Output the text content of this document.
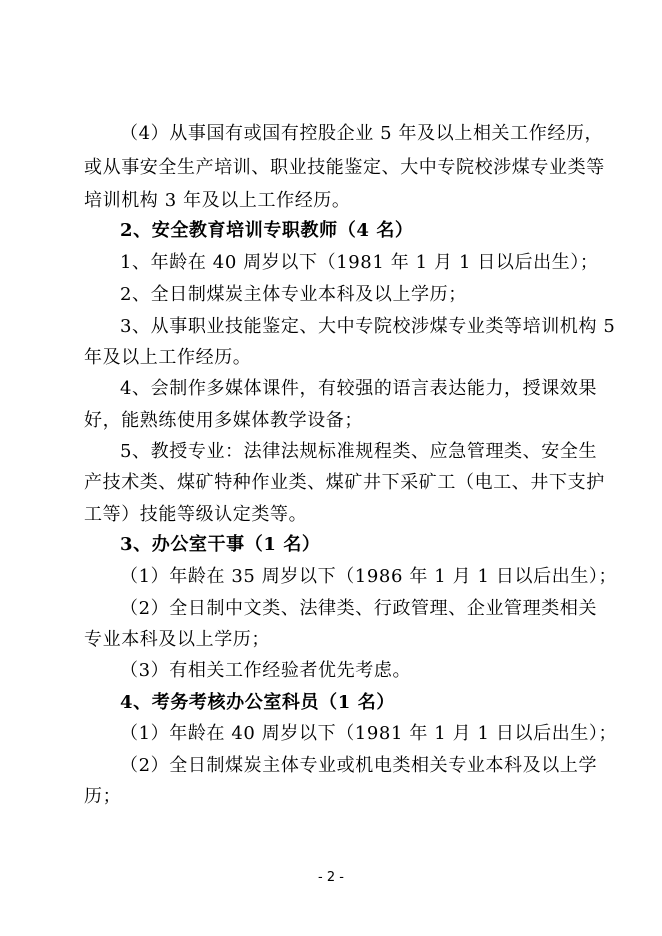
（4）从事国有或国有控股企业 5 年及以上相关工作经历，
或从事安全生产培训、职业技能鉴定、大中专院校涉煤专业类等
培训机构 3 年及以上工作经历。
2、安全教育培训专职教师（4 名）
1、年龄在 40 周岁以下（1981 年 1 月 1 日以后出生）；
2、全日制煤炭主体专业本科及以上学历；
3、从事职业技能鉴定、大中专院校涉煤专业类等培训机构 5
年及以上工作经历。
4、会制作多媒体课件，有较强的语言表达能力，授课效果
好，能熟练使用多媒体教学设备；
5、教授专业：法律法规标准规程类、应急管理类、安全生
产技术类、煤矿特种作业类、煤矿井下采矿工（电工、井下支护
工等）技能等级认定类等。
3、办公室干事（1 名）
（1）年龄在 35 周岁以下（1986 年 1 月 1 日以后出生）；
（2）全日制中文类、法律类、行政管理、企业管理类相关
专业本科及以上学历；
（3）有相关工作经验者优先考虑。
4、考务考核办公室科员（1 名）
（1）年龄在 40 周岁以下（1981 年 1 月 1 日以后出生）；
（2）全日制煤炭主体专业或机电类相关专业本科及以上学
历；
- 2 -
